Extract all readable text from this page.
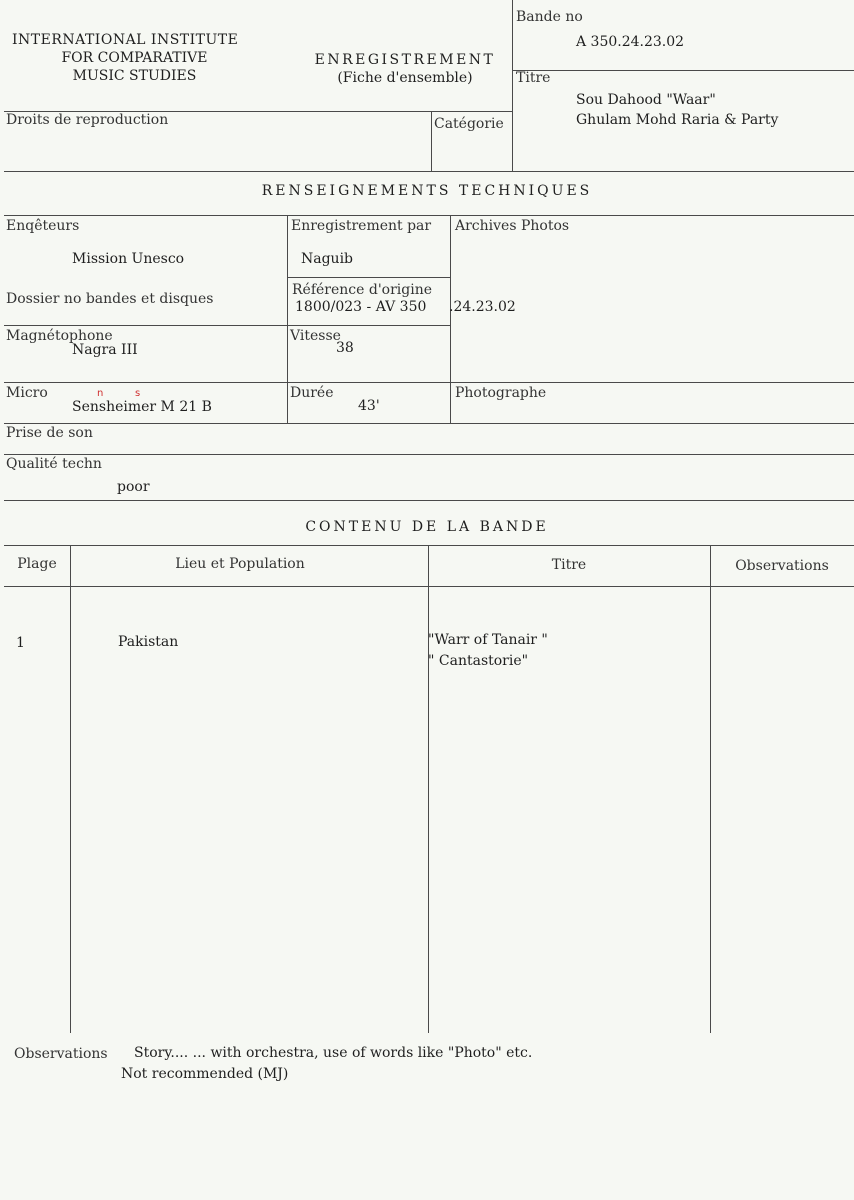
INTERNATIONAL INSTITUTE
FOR COMPARATIVE
MUSIC STUDIES
ENREGISTREMENT
(Fiche d'ensemble)
Bande no
A 350.24.23.02
Titre
Sou Dahood "Waar"
Ghulam Mohd Raria & Party
Droits de reproduction	Catégorie
RENSEIGNEMENTS TECHNIQUES
Enqêteurs
Mission Unesco
Enregistrement par
Naguib
Archives Photos
Dossier no bandes et disques
Référence d'origine
1800/023 - AV 350 .24.23.02
Magnétophone
Nagra III
Vitesse
38
Micro	n	s
Sensheimer M 21 B
Durée
43'
Photographe
Prise de son
Qualité techn
poor
CONTENU DE LA BANDE
Plage	Lieu et Population	Titre	Observations
1	Pakistan	"Warr of Tanair "
" Cantastorie"
Observations Story.... ... with orchestra, use of words like "Photo" etc.
Not recommended (MJ)
